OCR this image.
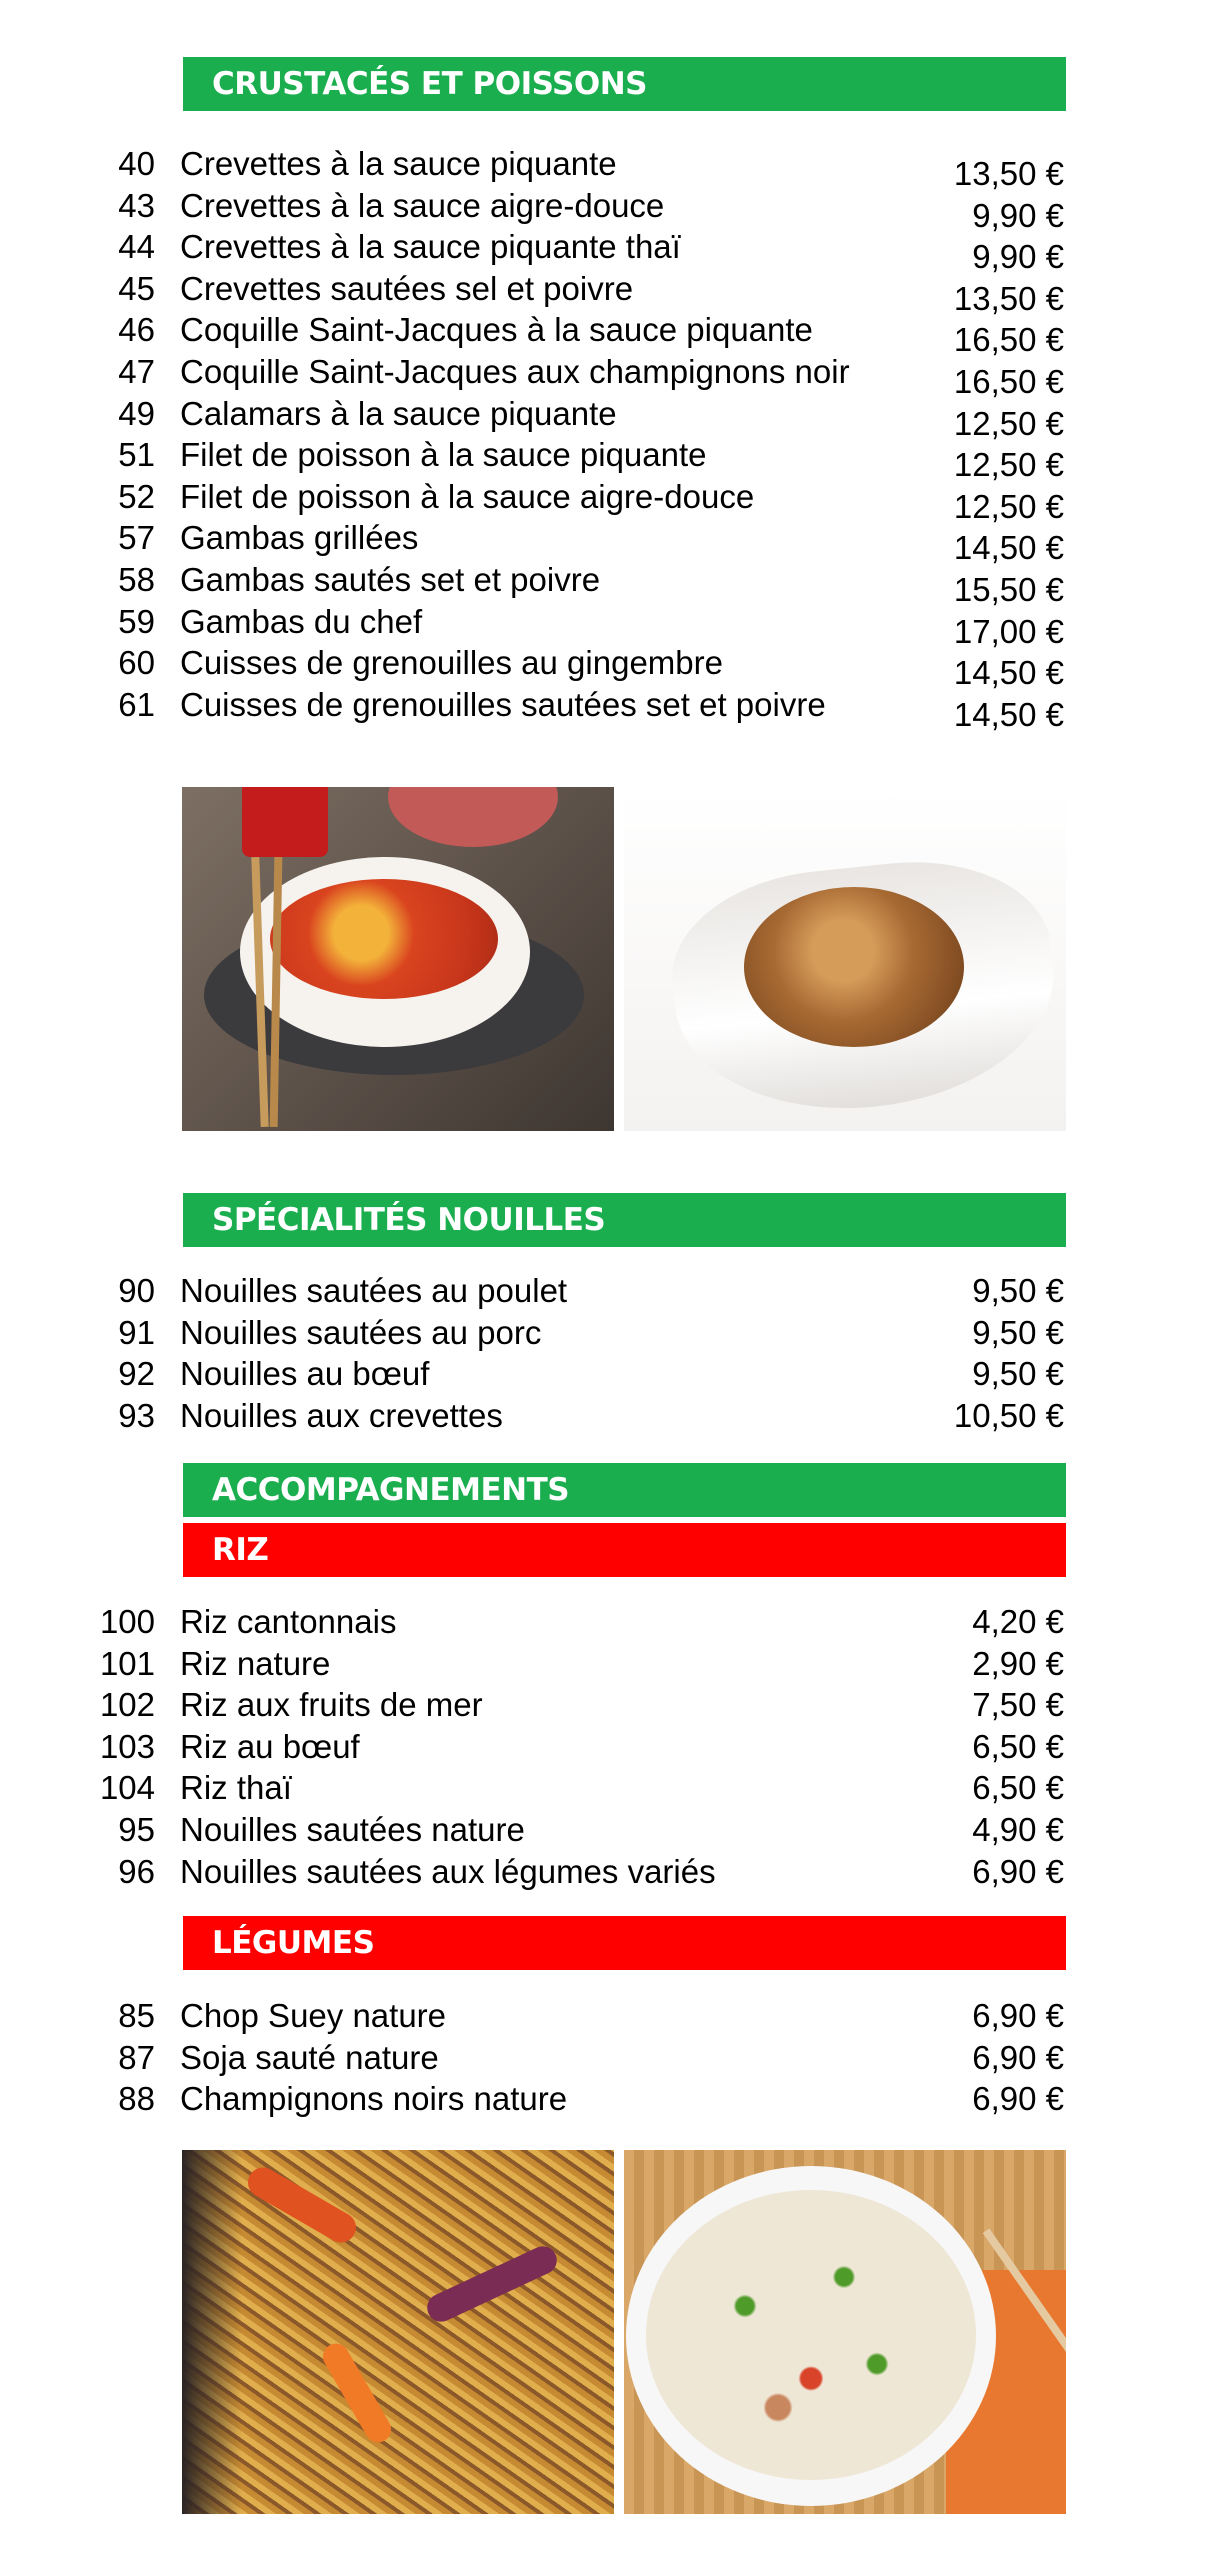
CRUSTACÉS ET POISSONS
40 Crevettes à la sauce piquante	13,50 €
43 Crevettes à la sauce aigre-douce	9,90 €
44 Crevettes à la sauce piquante thaï	9,90 €
45 Crevettes sautées sel et poivre	13,50 €
46 Coquille Saint-Jacques à la sauce piquante	16,50 €
47 Coquille Saint-Jacques aux champignons noir	16,50 €
49 Calamars à la sauce piquante	12,50 €
51 Filet de poisson à la sauce piquante	12,50 €
52 Filet de poisson à la sauce aigre-douce	12,50 €
57 Gambas grillées	14,50 €
58 Gambas sautés set et poivre	15,50 €
59 Gambas du chef	17,00 €
60 Cuisses de grenouilles au gingembre	14,50 €
61 Cuisses de grenouilles sautées set et poivre	14,50 €
SPÉCIALITÉS NOUILLES
90 Nouilles sautées au poulet	9,50 €
91 Nouilles sautées au porc	9,50 €
92 Nouilles au bœuf	9,50 €
93 Nouilles aux crevettes	10,50 €
ACCOMPAGNEMENTS
RIZ
100 Riz cantonnais	4,20 €
101 Riz nature	2,90 €
102 Riz aux fruits de mer	7,50 €
103 Riz au bœuf	6,50 €
104 Riz thaï	6,50 €
95 Nouilles sautées nature	4,90 €
96 Nouilles sautées aux légumes variés	6,90 €
LÉGUMES
85 Chop Suey nature	6,90 €
87 Soja sauté nature	6,90 €
88 Champignons noirs nature	6,90 €
